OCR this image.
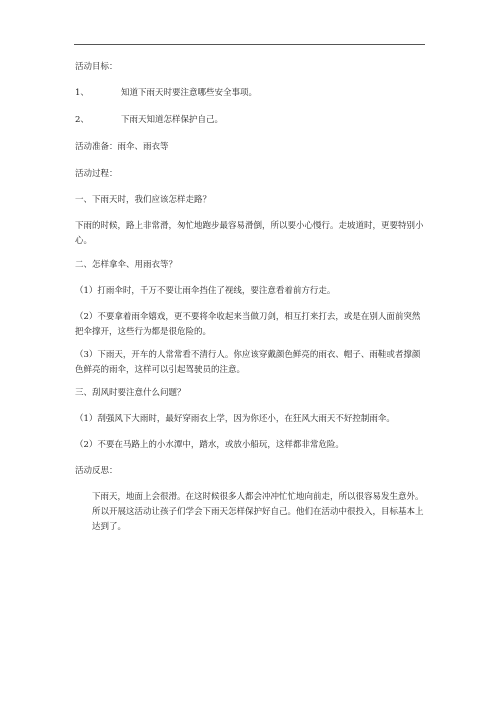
活动目标：
1、	知道下雨天时要注意哪些安全事项。
2、	下雨天知道怎样保护自己。
活动准备：雨伞、雨衣等
活动过程：
一、下雨天时，我们应该怎样走路？
下雨的时候，路上非常滑，匆忙地跑步最容易滑倒，所以要小心慢行。走坡道时，更要特别小心。
二、怎样拿伞、用雨衣等？
（1）打雨伞时，千万不要让雨伞挡住了视线，要注意看着前方行走。
（2）不要拿着雨伞嬉戏，更不要将伞收起来当做刀剑，相互打来打去，或是在别人面前突然把伞撑开，这些行为都是很危险的。
（3）下雨天，开车的人常常看不清行人。你应该穿戴颜色鲜亮的雨衣、帽子、雨鞋或者撑颜色鲜亮的雨伞，这样可以引起驾驶员的注意。
三、刮风时要注意什么问题？
（1）刮强风下大雨时，最好穿雨衣上学，因为你还小，在狂风大雨天不好控制雨伞。
（2）不要在马路上的小水潭中，踏水，或放小船玩，这样都非常危险。
活动反思：
下雨天，地面上会很滑。在这时候很多人都会冲冲忙忙地向前走，所以很容易发生意外。所以开展这活动让孩子们学会下雨天怎样保护好自己。他们在活动中很投入，目标基本上达到了。
